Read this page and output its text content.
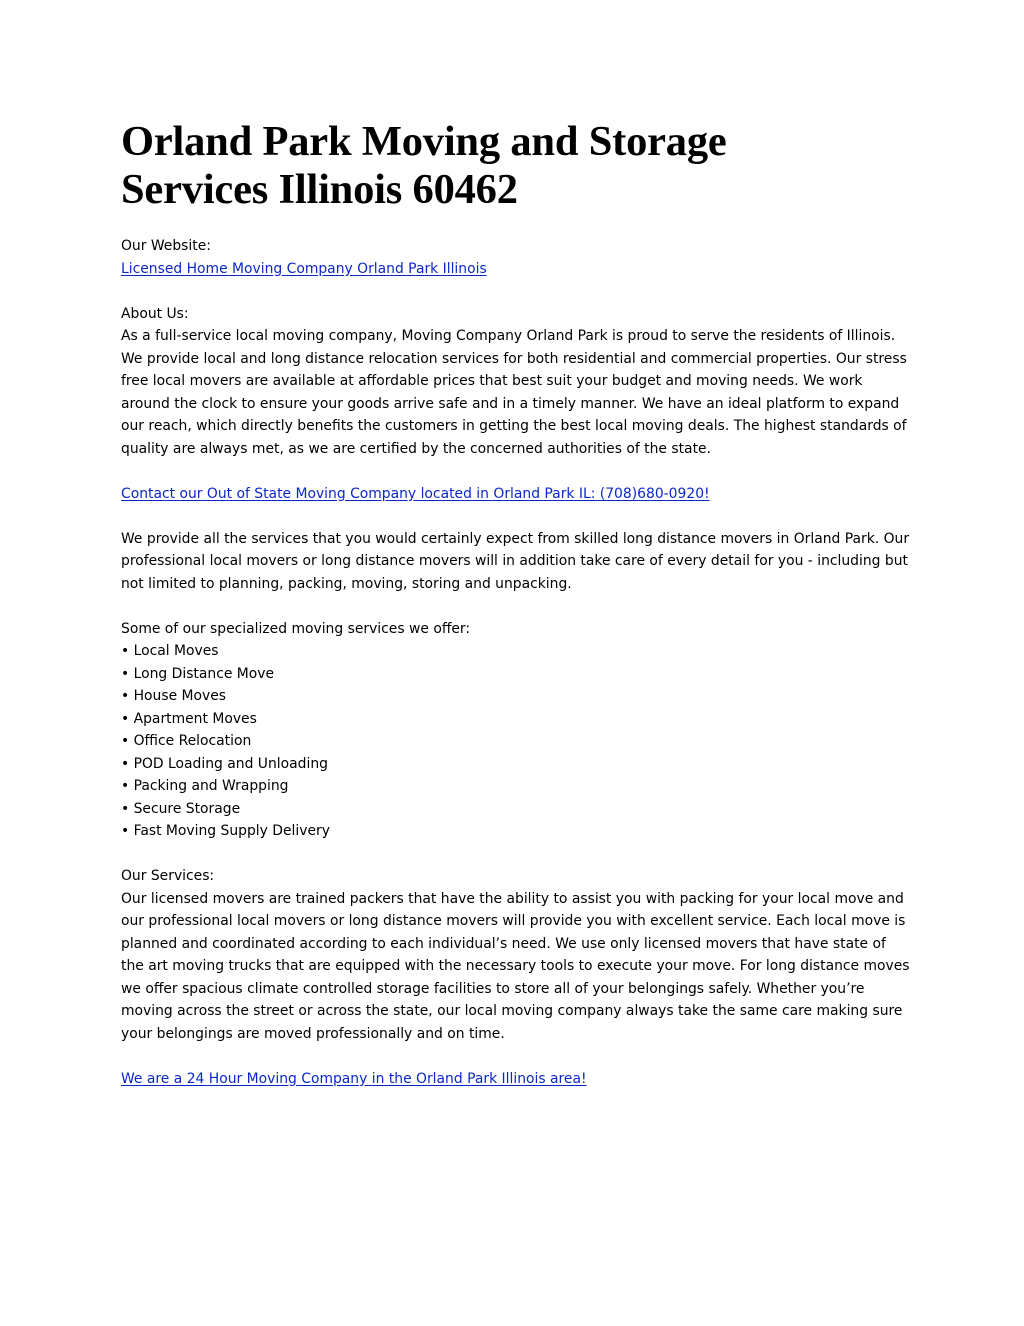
Orland Park Moving and Storage
Services Illinois 60462

Our Website:

Licensed Home Moving Company Orland Park Illinois

About Us:

As a full-service local moving company, Moving Company Orland Park is proud to serve the residents of Illinois. We provide local and long distance relocation services for both residential and commercial properties. Our stress free local movers are available at affordable prices that best suit your budget and moving needs. We work around the clock to ensure your goods arrive safe and in a timely manner. We have an ideal platform to expand our reach, which directly benefits the customers in getting the best local moving deals. The highest standards of quality are always met, as we are certified by the concerned authorities of the state.

Contact our Out of State Moving Company located in Orland Park IL: (708)680-0920!

We provide all the services that you would certainly expect from skilled long distance movers in Orland Park. Our professional local movers or long distance movers will in addition take care of every detail for you - including but not limited to planning, packing, moving, storing and unpacking.

Some of our specialized moving services we offer:

• Local Moves
• Long Distance Move
• House Moves
• Apartment Moves
• Office Relocation
• POD Loading and Unloading
• Packing and Wrapping
• Secure Storage
• Fast Moving Supply Delivery

Our Services:

Our licensed movers are trained packers that have the ability to assist you with packing for your local move and our professional local movers or long distance movers will provide you with excellent service. Each local move is planned and coordinated according to each individual’s need. We use only licensed movers that have state of the art moving trucks that are equipped with the necessary tools to execute your move. For long distance moves we offer spacious climate controlled storage facilities to store all of your belongings safely. Whether you’re moving across the street or across the state, our local moving company always take the same care making sure your belongings are moved professionally and on time.

We are a 24 Hour Moving Company in the Orland Park Illinois area!
